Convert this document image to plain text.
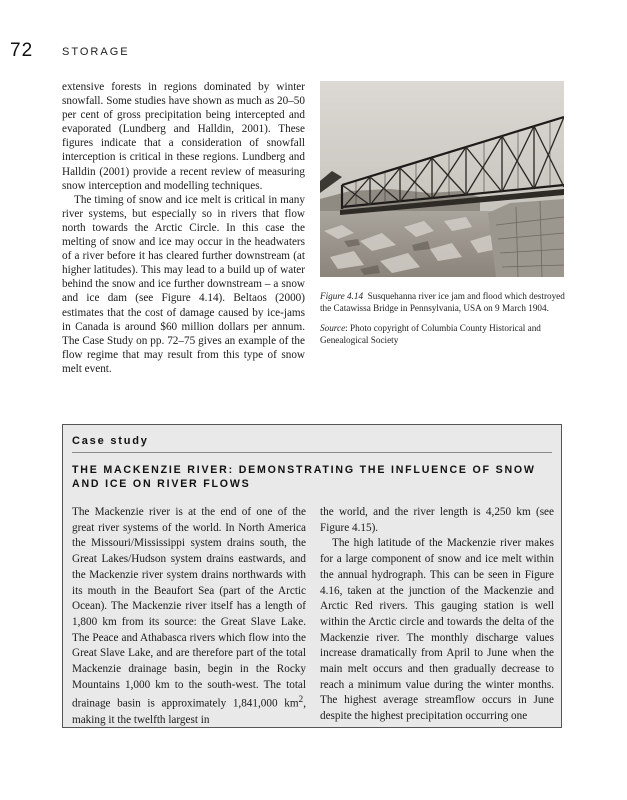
72	STORAGE

extensive forests in regions dominated by winter snowfall. Some studies have shown as much as 20–50 per cent of gross precipitation being intercepted and evaporated (Lundberg and Halldin, 2001). These figures indicate that a consideration of snowfall interception is critical in these regions. Lundberg and Halldin (2001) provide a recent review of measuring snow interception and modelling techniques.

The timing of snow and ice melt is critical in many river systems, but especially so in rivers that flow north towards the Arctic Circle. In this case the melting of snow and ice may occur in the headwaters of a river before it has cleared further downstream (at higher latitudes). This may lead to a build up of water behind the snow and ice further downstream – a snow and ice dam (see Figure 4.14). Beltaos (2000) estimates that the cost of damage caused by ice-jams in Canada is around $60 million dollars per annum. The Case Study on pp. 72–75 gives an example of the flow regime that may result from this type of snow melt event.

Figure 4.14 Susquehanna river ice jam and flood which destroyed the Catawissa Bridge in Pennsylvania, USA on 9 March 1904.

Source: Photo copyright of Columbia County Historical and Genealogical Society

Case study
THE MACKENZIE RIVER: DEMONSTRATING THE INFLUENCE OF SNOW AND ICE ON RIVER FLOWS

The Mackenzie river is at the end of one of the great river systems of the world. In North America the Missouri/Mississippi system drains south, the Great Lakes/Hudson system drains eastwards, and the Mackenzie river system drains northwards with its mouth in the Beaufort Sea (part of the Arctic Ocean). The Mackenzie river itself has a length of 1,800 km from its source: the Great Slave Lake. The Peace and Athabasca rivers which flow into the Great Slave Lake, and are therefore part of the total Mackenzie drainage basin, begin in the Rocky Mountains 1,000 km to the south-west. The total drainage basin is approximately 1,841,000 $km^2$, making it the twelfth largest in

the world, and the river length is 4,250 km (see Figure 4.15).

The high latitude of the Mackenzie river makes for a large component of snow and ice melt within the annual hydrograph. This can be seen in Figure 4.16, taken at the junction of the Mackenzie and Arctic Red rivers. This gauging station is well within the Arctic circle and towards the delta of the Mackenzie river. The monthly discharge values increase dramatically from April to June when the main melt occurs and then gradually decrease to reach a minimum value during the winter months. The highest average streamflow occurs in June despite the highest precipitation occurring one
